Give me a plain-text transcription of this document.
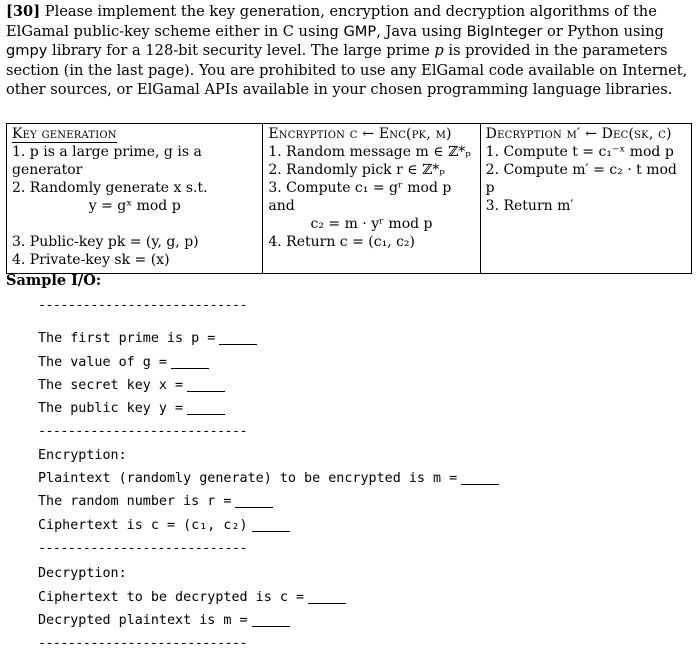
[30] Please implement the key generation, encryption and decryption algorithms of the ElGamal public-key scheme either in C using GMP, Java using BigInteger or Python using gmpy library for a 128-bit security level. The large prime p is provided in the parameters section (in the last page). You are prohibited to use any ElGamal code available on Internet, other sources, or ElGamal APIs available in your chosen programming language libraries.
Key generation
1. p is a large prime, g is a generator
2. Randomly generate x s.t.
y = gˣ mod p
3. Public-key pk = (y, g, p)
4. Private-key sk = (x)

Encryption c ← Enc(pk, m)
1. Random message m ∈ ℤ*ₚ
2. Randomly pick r ∈ ℤ*ₚ
3. Compute c₁ = gʳ mod p and
c₂ = m · yʳ mod p
4. Return c = (c₁, c₂)

Decryption m′ ← Dec(sk, c)
1. Compute t = c₁⁻ˣ mod p
2. Compute m′ = c₂ · t mod p
3. Return m′
Sample I/O:
----------------------------
The first prime is p =
The value of g =
The secret key x =
The public key y =
----------------------------
Encryption:
Plaintext (randomly generate) to be encrypted is m =
The random number is r =
Ciphertext is c = (c₁, c₂)
----------------------------
Decryption:
Ciphertext to be decrypted is c =
Decrypted plaintext is m =
----------------------------
